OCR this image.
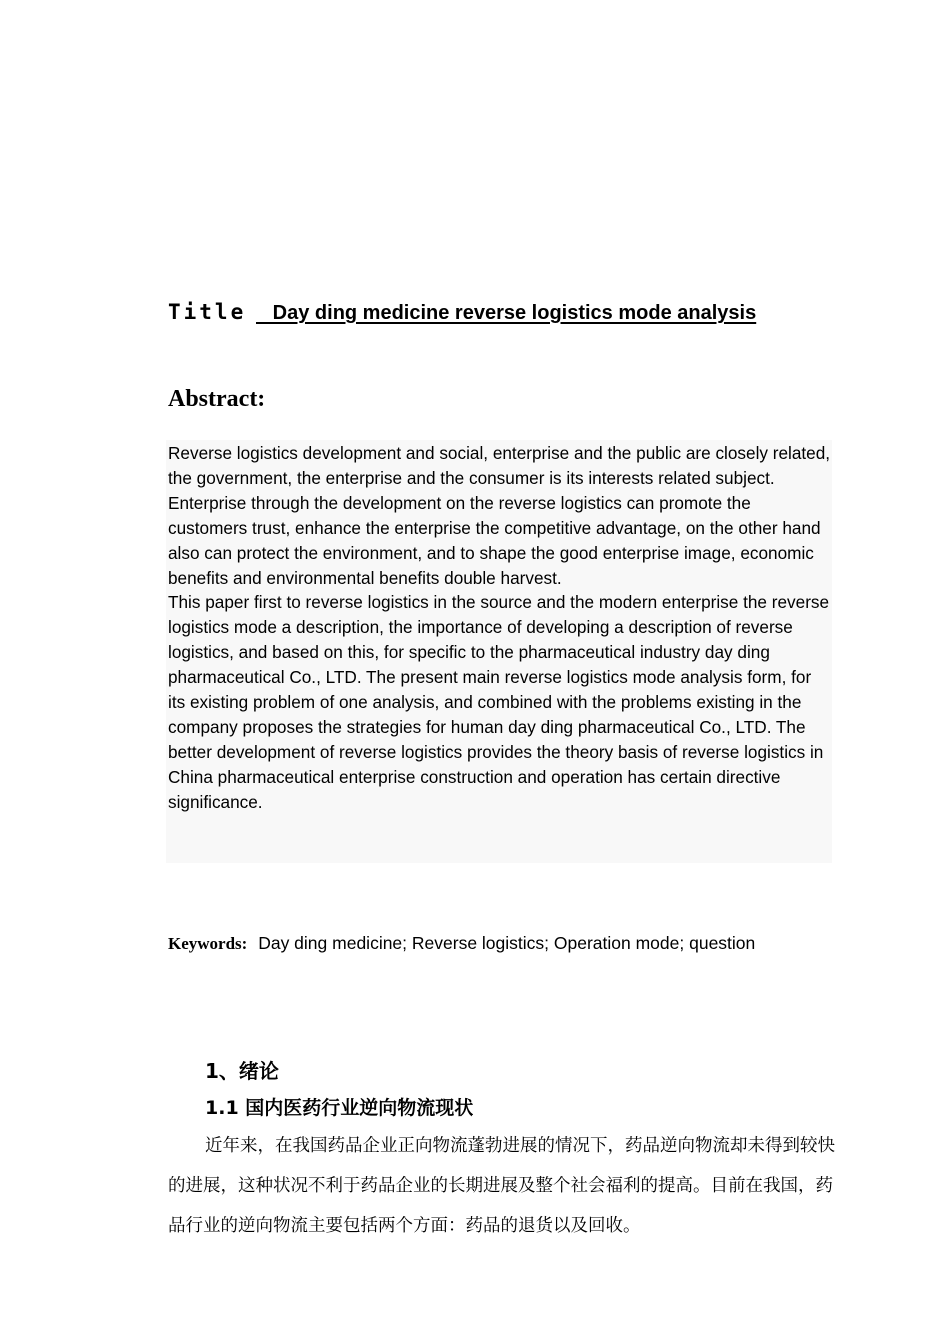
Title Day ding medicine reverse logistics mode analysis
Abstract:

Reverse logistics development and social, enterprise and the public are closely related, the government, the enterprise and the consumer is its interests related subject. Enterprise through the development on the reverse logistics can promote the customers trust, enhance the enterprise the competitive advantage, on the other hand also can protect the environment, and to shape the good enterprise image, economic benefits and environmental benefits double harvest.

This paper first to reverse logistics in the source and the modern enterprise the reverse logistics mode a description, the importance of developing a description of reverse logistics, and based on this, for specific to the pharmaceutical industry day ding pharmaceutical Co., LTD. The present main reverse logistics mode analysis form, for its existing problem of one analysis, and combined with the problems existing in the company proposes the strategies for human day ding pharmaceutical Co., LTD. The better development of reverse logistics provides the theory basis of reverse logistics in China pharmaceutical enterprise construction and operation has certain directive significance.

Keywords: Day ding medicine; Reverse logistics; Operation mode; question
1、绪论
1.1 国内医药行业逆向物流现状

近年来，在我国药品企业正向物流蓬勃进展的情况下，药品逆向物流却未得到较快的进展，这种状况不利于药品企业的长期进展及整个社会福利的提高。目前在我国，药品行业的逆向物流主要包括两个方面：药品的退货以及回收。
